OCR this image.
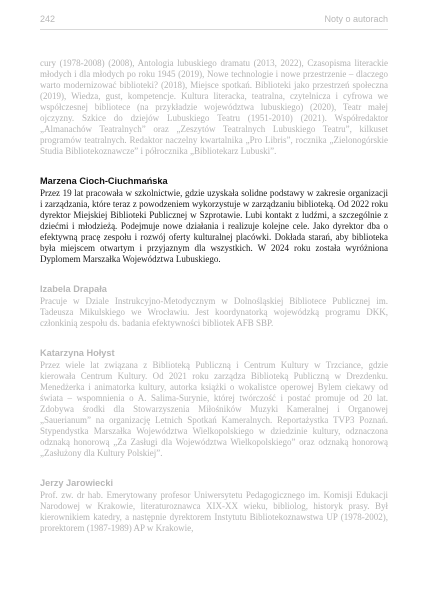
242	Noty o autorach

cury (1978-2008) (2008), Antologia lubuskiego dramatu (2013, 2022), Czasopisma literackie młodych i dla młodych po roku 1945 (2019), Nowe technologie i nowe przestrzenie – dlaczego warto modernizować biblioteki? (2018), Miejsce spotkań. Biblioteki jako przestrzeń społeczna (2019), Wiedza, gust, kompetencje. Kultura literacka, teatralna, czytelnicza i cyfrowa we współczesnej bibliotece (na przykładzie województwa lubuskiego) (2020), Teatr małej ojczyzny. Szkice do dziejów Lubuskiego Teatru (1951-2010) (2021). Współredaktor „Almanachów Teatralnych” oraz „Zeszytów Teatralnych Lubuskiego Teatru”, kilkuset programów teatralnych. Redaktor naczelny kwartalnika „Pro Libris”, rocznika „Zielonogórskie Studia Bibliotekoznawcze” i półrocznika „Bibliotekarz Lubuski”.

Marzena Cioch-Ciuchmańska

Przez 19 lat pracowała w szkolnictwie, gdzie uzyskała solidne podstawy w zakresie organizacji i zarządzania, które teraz z powodzeniem wykorzystuje w zarządzaniu biblioteką. Od 2022 roku dyrektor Miejskiej Biblioteki Publicznej w Szprotawie. Lubi kontakt z ludźmi, a szczególnie z dziećmi i młodzieżą. Podejmuje nowe działania i realizuje kolejne cele. Jako dyrektor dba o efektywną pracę zespołu i rozwój oferty kulturalnej placówki. Dokłada starań, aby biblioteka była miejscem otwartym i przyjaznym dla wszystkich. W 2024 roku została wyróżniona Dyplomem Marszałka Województwa Lubuskiego.

Izabela Drapała

Pracuje w Dziale Instrukcyjno-Metodycznym w Dolnośląskiej Bibliotece Publicznej im. Tadeusza Mikulskiego we Wrocławiu. Jest koordynatorką wojewódzką programu DKK, członkinią zespołu ds. badania efektywności bibliotek AFB SBP.

Katarzyna Hołyst

Przez wiele lat związana z Biblioteką Publiczną i Centrum Kultury w Trzciance, gdzie kierowała Centrum Kultury. Od 2021 roku zarządza Biblioteką Publiczną w Drezdenku. Menedżerka i animatorka kultury, autorka książki o wokalistce operowej Bylem ciekawy od świata – wspomnienia o A. Salima-Surynie, której twórczość i postać promuje od 20 lat. Zdobywa środki dla Stowarzyszenia Miłośników Muzyki Kameralnej i Organowej „Sauerianum” na organizację Letnich Spotkań Kameralnych. Reportażystka TVP3 Poznań. Stypendystka Marszałka Województwa Wielkopolskiego w dziedzinie kultury, odznaczona odznaką honorową „Za Zasługi dla Województwa Wielkopolskiego” oraz odznaką honorową „Zasłużony dla Kultury Polskiej”.

Jerzy Jarowiecki

Prof. zw. dr hab. Emerytowany profesor Uniwersytetu Pedagogicznego im. Komisji Edukacji Narodowej w Krakowie, literaturoznawca XIX-XX wieku, bibliolog, historyk prasy. Był kierownikiem katedry, a następnie dyrektorem Instytutu Bibliotekoznawstwa UP (1978-2002), prorektorem (1987-1989) AP w Krakowie,
